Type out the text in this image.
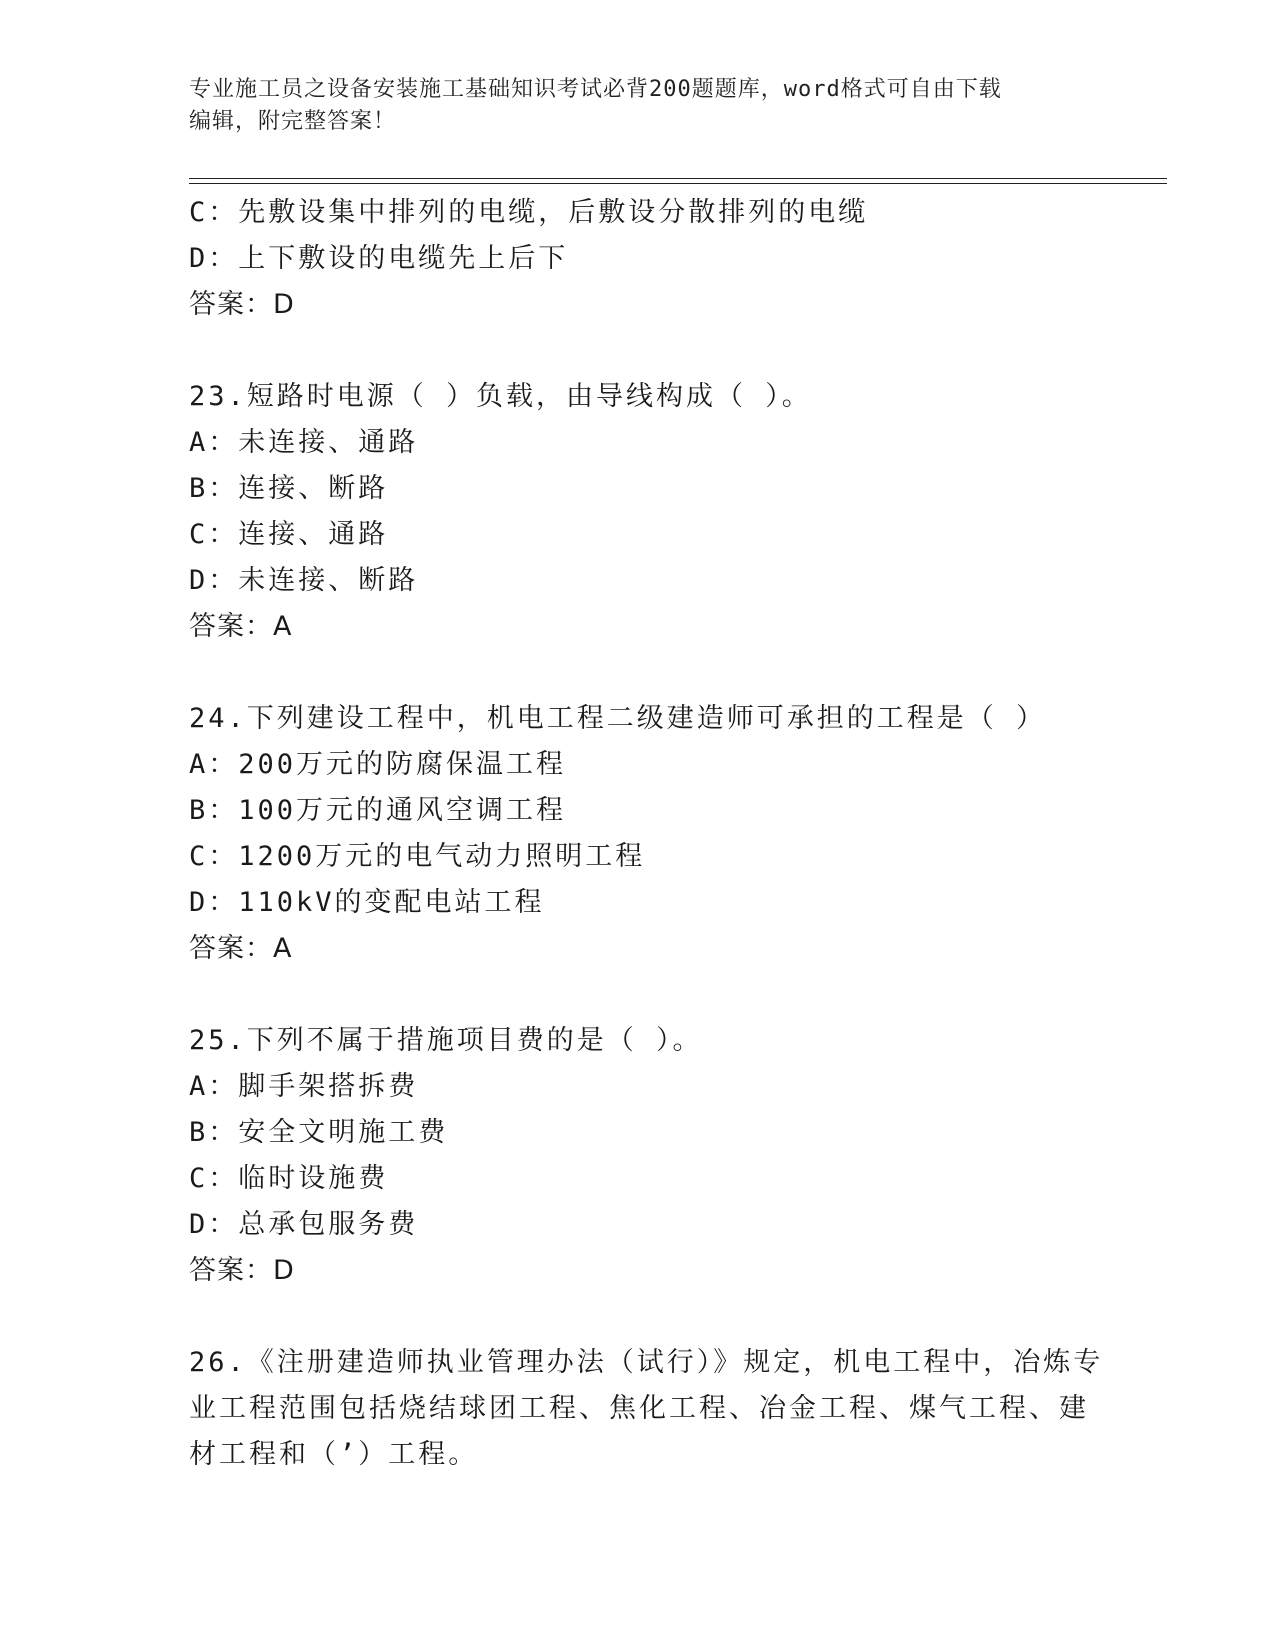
专业施工员之设备安装施工基础知识考试必背200题题库，word格式可自由下载
编辑，附完整答案！
C：先敷设集中排列的电缆，后敷设分散排列的电缆
D：上下敷设的电缆先上后下
答案：D
23.短路时电源（ ）负载，由导线构成（ ）。
A：未连接、通路
B：连接、断路
C：连接、通路
D：未连接、断路
答案：A
24.下列建设工程中，机电工程二级建造师可承担的工程是（ ）
A：200万元的防腐保温工程
B：100万元的通风空调工程
C：1200万元的电气动力照明工程
D：110kV的变配电站工程
答案：A
25.下列不属于措施项目费的是（ ）。
A：脚手架搭拆费
B：安全文明施工费
C：临时设施费
D：总承包服务费
答案：D
26.《注册建造师执业管理办法（试行）》规定，机电工程中，冶炼专
业工程范围包括烧结球团工程、焦化工程、冶金工程、煤气工程、建
材工程和（’）工程。
